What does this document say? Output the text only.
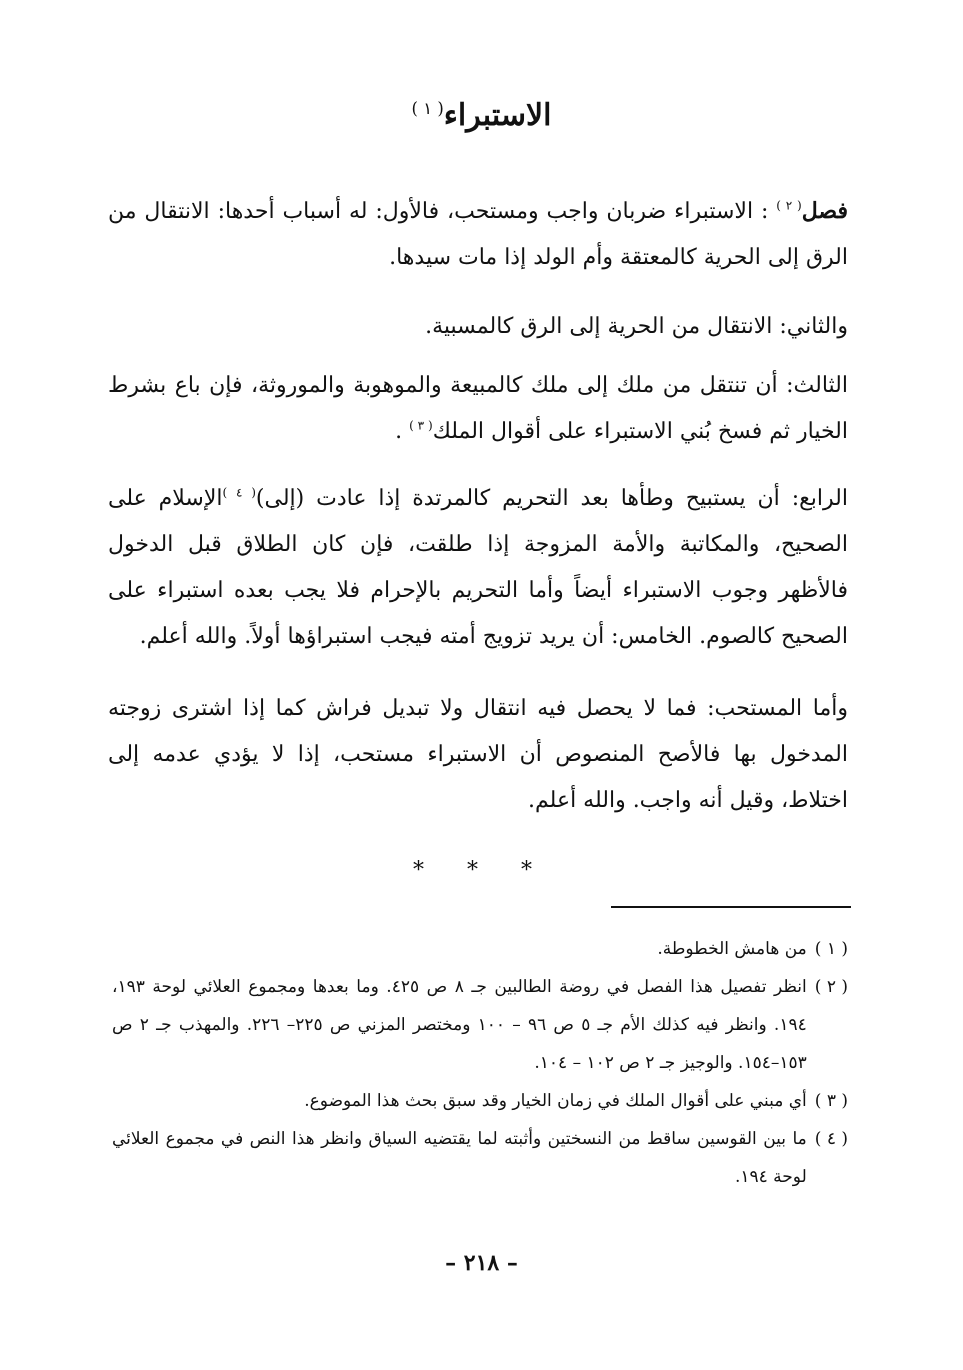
الاستبراء$^{( ١ )}$
فصل$^{( ٢ )}$ : الاستبراء ضربان واجب ومستحب، فالأول: له أسباب أحدها: الانتقال من الرق إلى الحرية كالمعتقة وأم الولد إذا مات سيدها.
والثاني: الانتقال من الحرية إلى الرق كالمسبية.
الثالث: أن تنتقل من ملك إلى ملك كالمبيعة والموهوبة والموروثة، فإن باع بشرط الخيار ثم فسخ بُني الاستبراء على أقوال الملك$^{( ٣ )}$ .
الرابع: أن يستبيح وطأها بعد التحريم كالمرتدة إذا عادت (إلى)$^{( ٤ )}$الإسلام على الصحيح، والمكاتبة والأمة المزوجة إذا طلقت، فإن كان الطلاق قبل الدخول فالأظهر وجوب الاستبراء أيضاً وأما التحريم بالإحرام فلا يجب بعده استبراء على الصحيح كالصوم. الخامس: أن يريد تزويج أمته فيجب استبراؤها أولاً. والله أعلم.
وأما المستحب: فما لا يحصل فيه انتقال ولا تبديل فراش كما إذا اشترى زوجته المدخول بها فالأصح المنصوص أن الاستبراء مستحب، إذا لا يؤدي عدمه إلى اختلاط، وقيل أنه واجب. والله أعلم.
* * *
( ١ )
من هامش الخطوطة.
( ٢ )
انظر تفصيل هذا الفصل في روضة الطالبين جـ ٨ ص ٤٢٥. وما بعدها ومجموع العلائي لوحة ١٩٣، ١٩٤. وانظر فيه كذلك الأم جـ ٥ ص ٩٦ – ١٠٠ ومختصر المزني ص ٢٢٥– ٢٢٦. والمهذب جـ ٢ ص ١٥٣–١٥٤. والوجيز جـ ٢ ص ١٠٢ – ١٠٤.
( ٣ )
أي مبني على أقوال الملك في زمان الخيار وقد سبق بحث هذا الموضوع.
( ٤ )
ما بين القوسين ساقط من النسختين وأثبته لما يقتضيه السياق وانظر هذا النص في مجموع العلائي لوحة ١٩٤.
– ٢١٨ –
